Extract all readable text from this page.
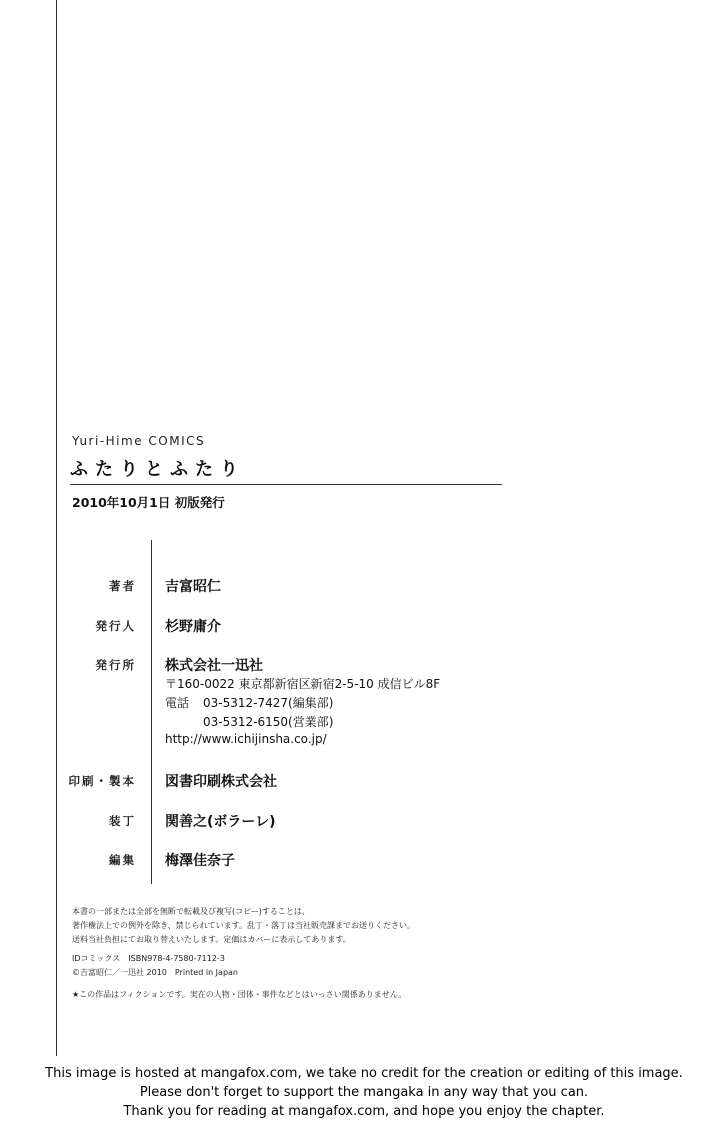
Yuri-Hime COMICS
ふたりとふたり
2010年10月1日 初版発行
著者 吉富昭仁
発行人 杉野庸介
発行所 株式会社一迅社
〒160-0022 東京都新宿区新宿2-5-10 成信ビル8F
電話 03-5312-7427(編集部)
03-5312-6150(営業部)
http://www.ichijinsha.co.jp/
印刷・製本 図書印刷株式会社
装丁 関善之(ボラーレ)
編集 梅澤佳奈子
本書の一部または全部を無断で転載及び複写(コピー)することは、
著作権法上での例外を除き、禁じられています。乱丁・落丁は当社販売課までお送りください。
送料当社負担にてお取り替えいたします。定価はカバーに表示してあります。
IDコミックス　ISBN978-4-7580-7112-3
©吉富昭仁／一迅社 2010　Printed in Japan
★この作品はフィクションです。実在の人物・団体・事件などとはいっさい関係ありません。
This image is hosted at mangafox.com, we take no credit for the creation or editing of this image.
Please don't forget to support the mangaka in any way that you can.
Thank you for reading at mangafox.com, and hope you enjoy the chapter.
